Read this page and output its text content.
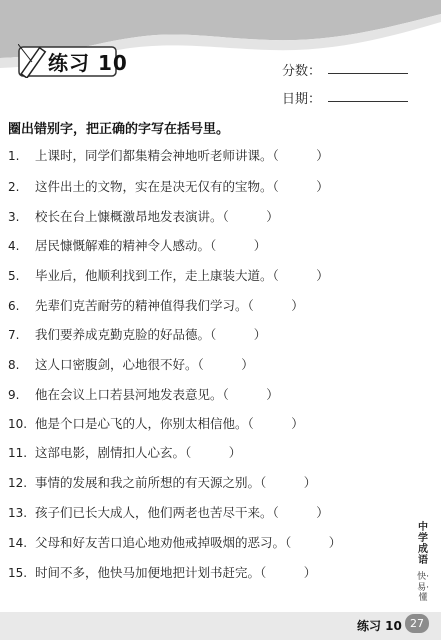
练习 10	分数：
日期：
圈出错别字，把正确的字写在括号里。
1. 上课时，同学们都集精会神地听老师讲课。（　　　）
2. 这件出土的文物，实在是决无仅有的宝物。（　　　）
3. 校长在台上慷概激昂地发表演讲。（　　　）
4. 居民慷慨解难的精神令人感动。（　　　）
5. 毕业后，他顺利找到工作，走上康装大道。（　　　）
6. 先辈们克苦耐劳的精神值得我们学习。（　　　）
7. 我们要养成克勤克脸的好品德。（　　　）
8. 这人口密腹剑，心地很不好。（　　　）
9. 他在会议上口若县河地发表意见。（　　　）
10. 他是个口是心飞的人，你别太相信他。（　　　）
11. 这部电影，剧情扣人心玄。（　　　）
12. 事情的发展和我之前所想的有天源之别。（　　　）
13. 孩子们已长大成人，他们两老也苦尽干来。（　　　）
14. 父母和好友苦口追心地劝他戒掉吸烟的恶习。（　　　）
15. 时间不多，他快马加便地把计划书赶完。（　　　）
中学成语
快·易·懂
练习 10 27
